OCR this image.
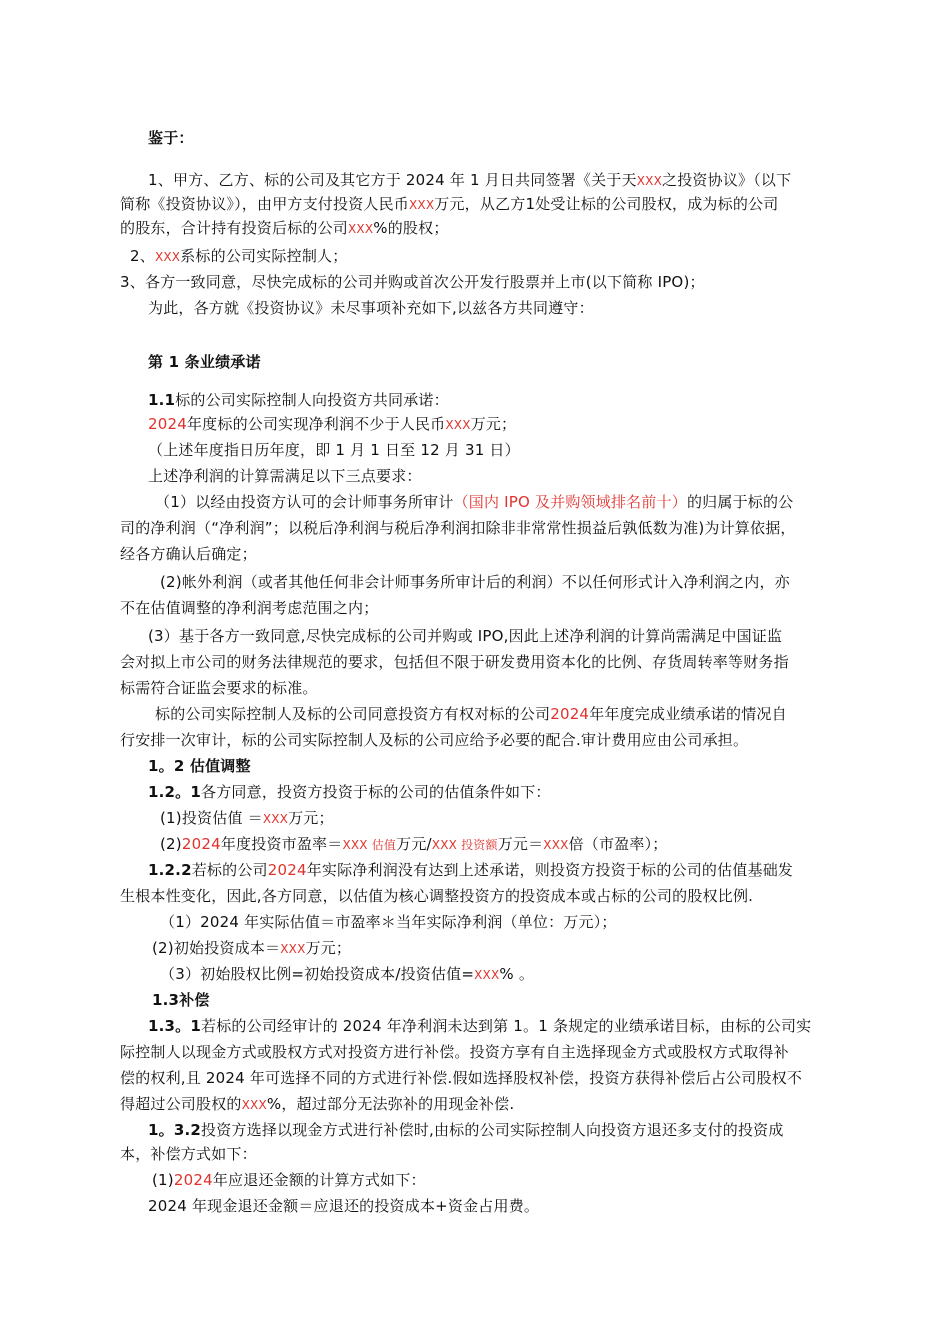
鉴于：
1、甲方、乙方、标的公司及其它方于 2024 年 1 月日共同签署《关于天XXX之投资协议》（以下
简称《投资协议》），由甲方支付投资人民币XXX万元，从乙方1处受让标的公司股权，成为标的公司
的股东，合计持有投资后标的公司XXX%的股权；
2、XXX系标的公司实际控制人；
3、各方一致同意，尽快完成标的公司并购或首次公开发行股票并上市(以下简称 IPO)；
为此，各方就《投资协议》未尽事项补充如下,以兹各方共同遵守：
第 1 条业绩承诺
1.1标的公司实际控制人向投资方共同承诺：
2024年度标的公司实现净利润不少于人民币XXX万元；
（上述年度指日历年度，即 1 月 1 日至 12 月 31 日）
上述净利润的计算需满足以下三点要求：
（1）以经由投资方认可的会计师事务所审计（国内 IPO 及并购领域排名前十）的归属于标的公
司的净利润（“净利润”；以税后净利润与税后净利润扣除非非常常性损益后孰低数为准)为计算依据，
经各方确认后确定；
(2)帐外利润（或者其他任何非会计师事务所审计后的利润）不以任何形式计入净利润之内，亦
不在估值调整的净利润考虑范围之内；
(3）基于各方一致同意,尽快完成标的公司并购或 IPO,因此上述净利润的计算尚需满足中国证监
会对拟上市公司的财务法律规范的要求，包括但不限于研发费用资本化的比例、存货周转率等财务指
标需符合证监会要求的标准。
标的公司实际控制人及标的公司同意投资方有权对标的公司2024年年度完成业绩承诺的情况自
行安排一次审计，标的公司实际控制人及标的公司应给予必要的配合.审计费用应由公司承担。
1。2 估值调整
1.2。1各方同意，投资方投资于标的公司的估值条件如下：
(1)投资估值 ＝XXX万元；
(2)2024年度投资市盈率＝XXX 估值万元/XXX 投资额万元＝XXX倍（市盈率）；
1.2.2若标的公司2024年实际净利润没有达到上述承诺，则投资方投资于标的公司的估值基础发
生根本性变化，因此,各方同意，以估值为核心调整投资方的投资成本或占标的公司的股权比例.
（1）2024 年实际估值＝市盈率＊当年实际净利润（单位：万元）；
(2)初始投资成本＝XXX万元；
（3）初始股权比例=初始投资成本/投资估值=XXX% 。
1.3补偿
1.3。1若标的公司经审计的 2024 年净利润未达到第 1。1 条规定的业绩承诺目标，由标的公司实
际控制人以现金方式或股权方式对投资方进行补偿。投资方享有自主选择现金方式或股权方式取得补
偿的权利,且 2024 年可选择不同的方式进行补偿.假如选择股权补偿，投资方获得补偿后占公司股权不
得超过公司股权的XXX%，超过部分无法弥补的用现金补偿.
1。3.2投资方选择以现金方式进行补偿时,由标的公司实际控制人向投资方退还多支付的投资成
本，补偿方式如下：
(1)2024年应退还金额的计算方式如下：
2024 年现金退还金额＝应退还的投资成本+资金占用费。
